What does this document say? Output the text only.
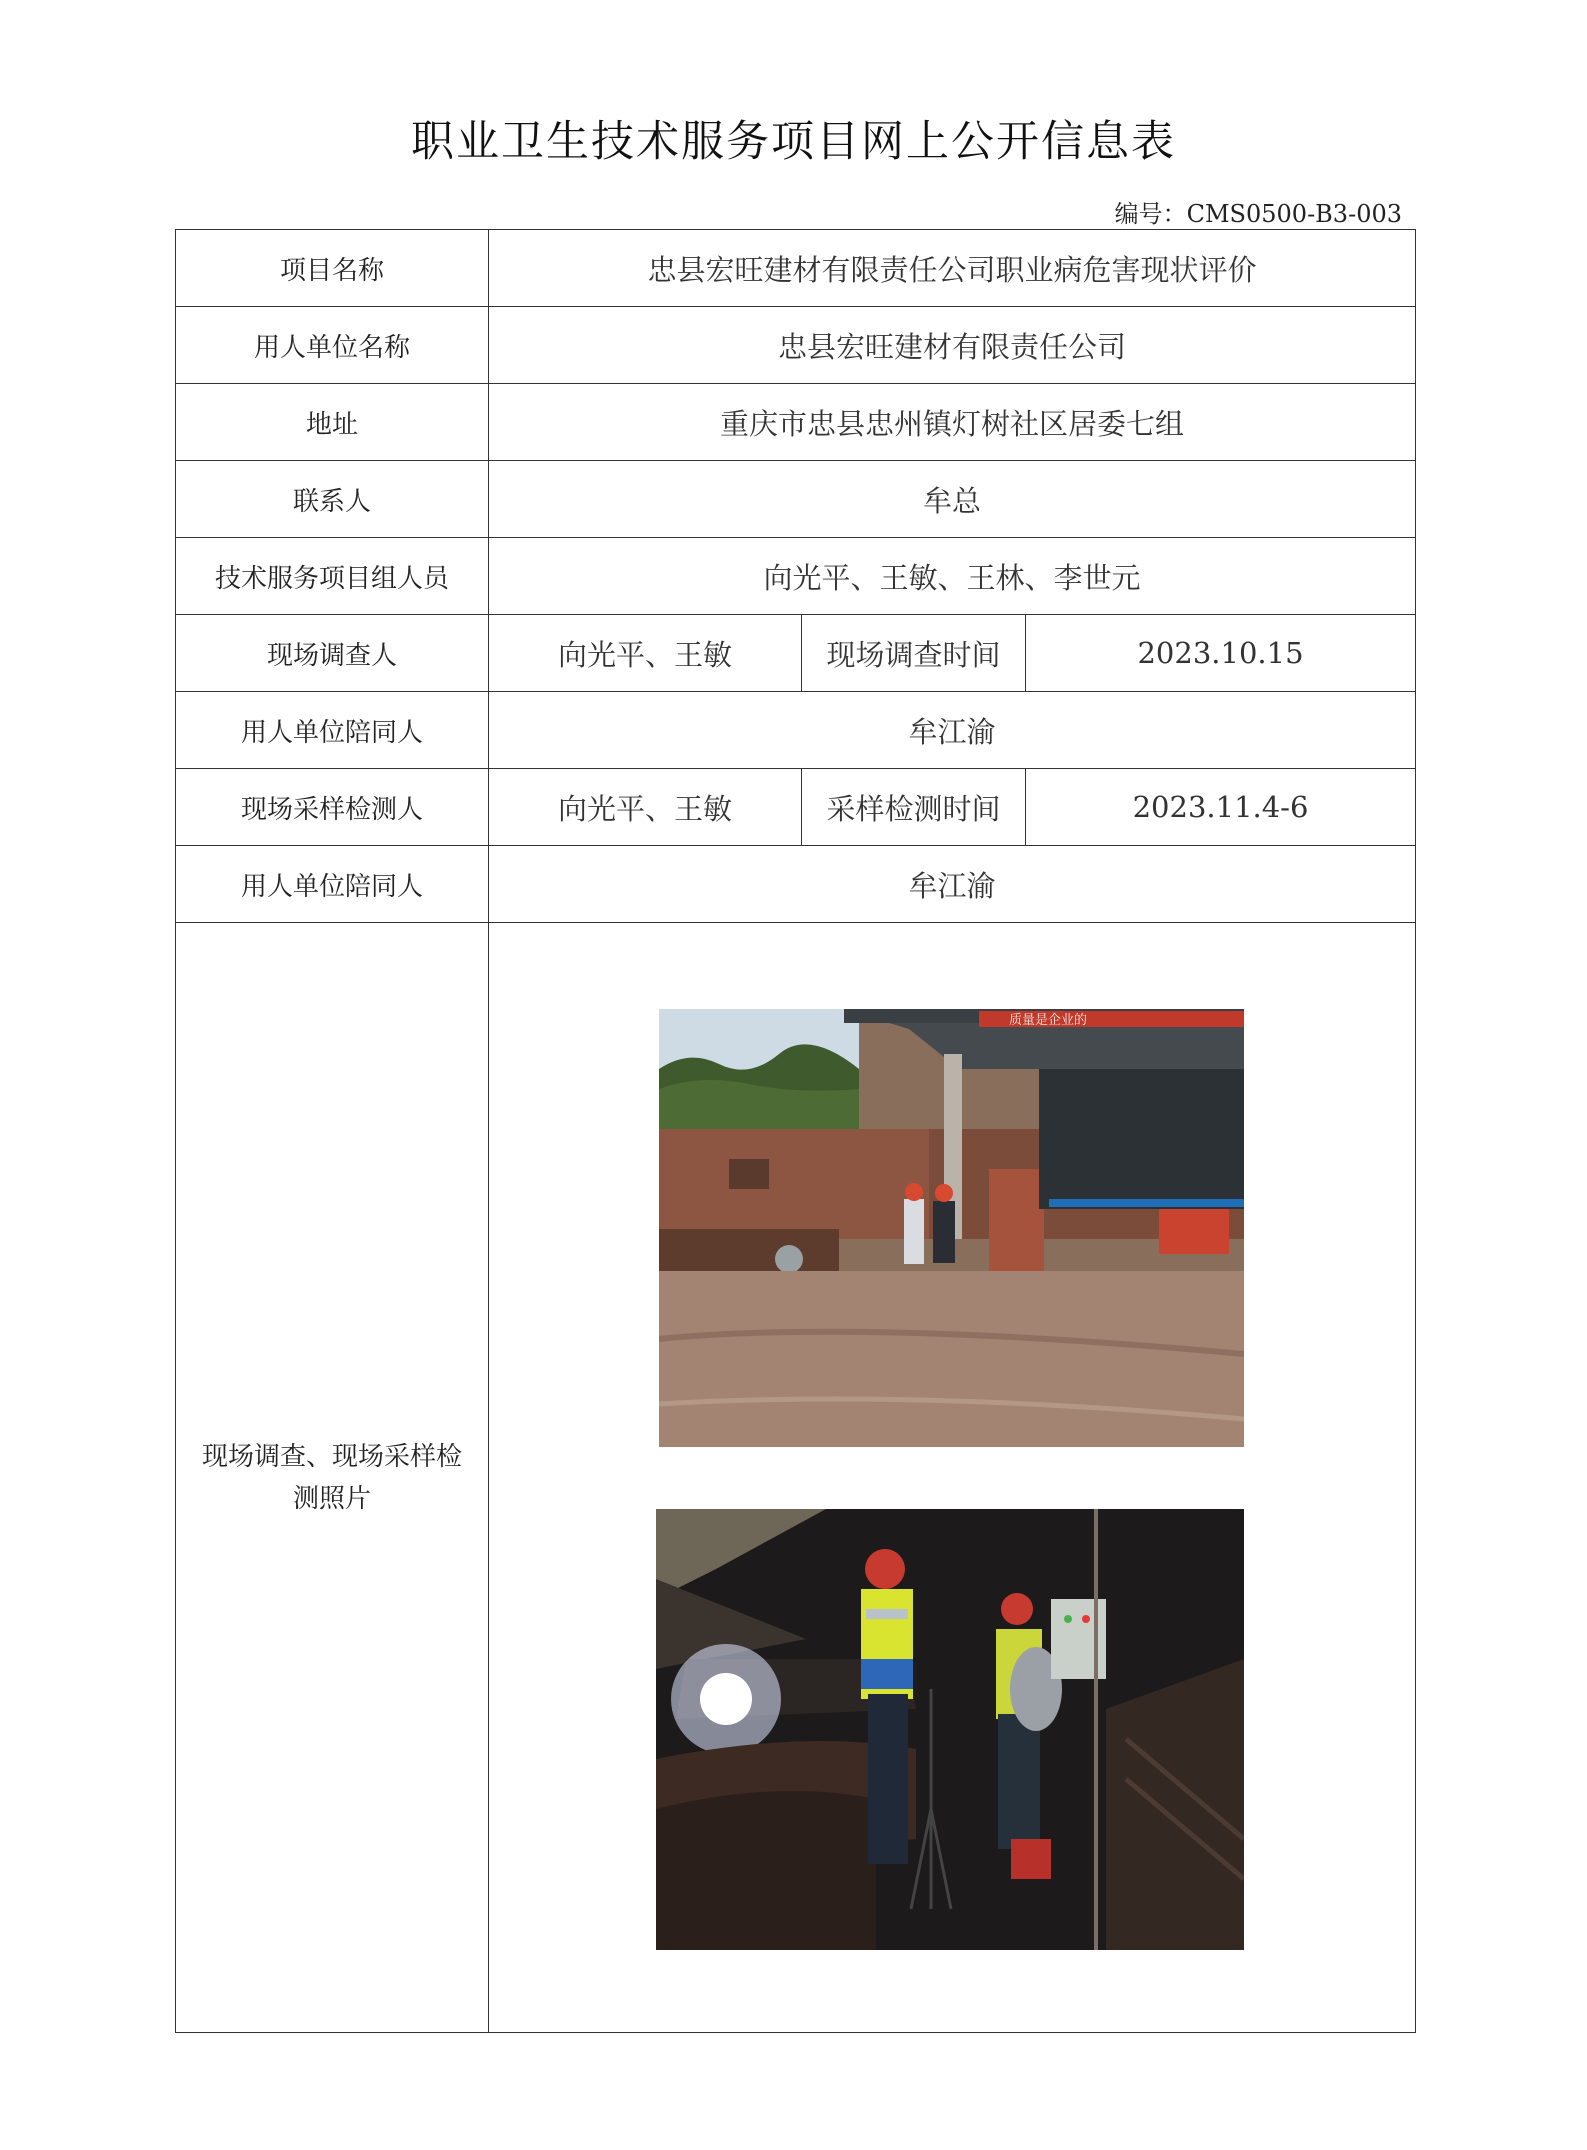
职业卫生技术服务项目网上公开信息表
编号：CMS0500-B3-003
项目名称	忠县宏旺建材有限责任公司职业病危害现状评价		
用人单位名称	忠县宏旺建材有限责任公司		
地址	重庆市忠县忠州镇灯树社区居委七组		
联系人	牟总		
技术服务项目组人员	向光平、王敏、王林、李世元		
现场调查人	向光平、王敏	现场调查时间	2023.10.15
用人单位陪同人	牟江渝		
现场采样检测人	向光平、王敏	采样检测时间	2023.11.4-6
用人单位陪同人	牟江渝		

现场调查、现场采样检
测照片	质量是企业的		
